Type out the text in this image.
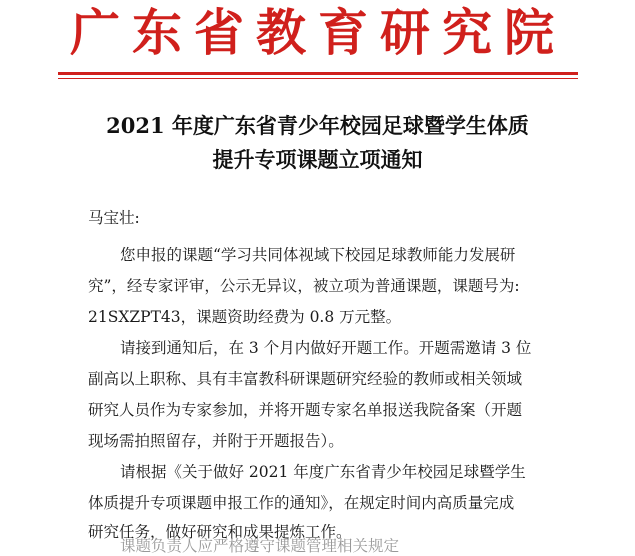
广东省教育研究院
2021 年度广东省青少年校园足球暨学生体质
提升专项课题立项通知
马宝壮:
您申报的课题“学习共同体视域下校园足球教师能力发展研
究”，经专家评审，公示无异议，被立项为普通课题，课题号为:
21SXZPT43，课题资助经费为 0.8 万元整。
请接到通知后，在 3 个月内做好开题工作。开题需邀请 3 位
副高以上职称、具有丰富教科研课题研究经验的教师或相关领域
研究人员作为专家参加，并将开题专家名单报送我院备案（开题
现场需拍照留存，并附于开题报告）。
请根据《关于做好 2021 年度广东省青少年校园足球暨学生
体质提升专项课题申报工作的通知》，在规定时间内高质量完成
研究任务，做好研究和成果提炼工作。
课题负责人应严格遵守课题管理相关规定
